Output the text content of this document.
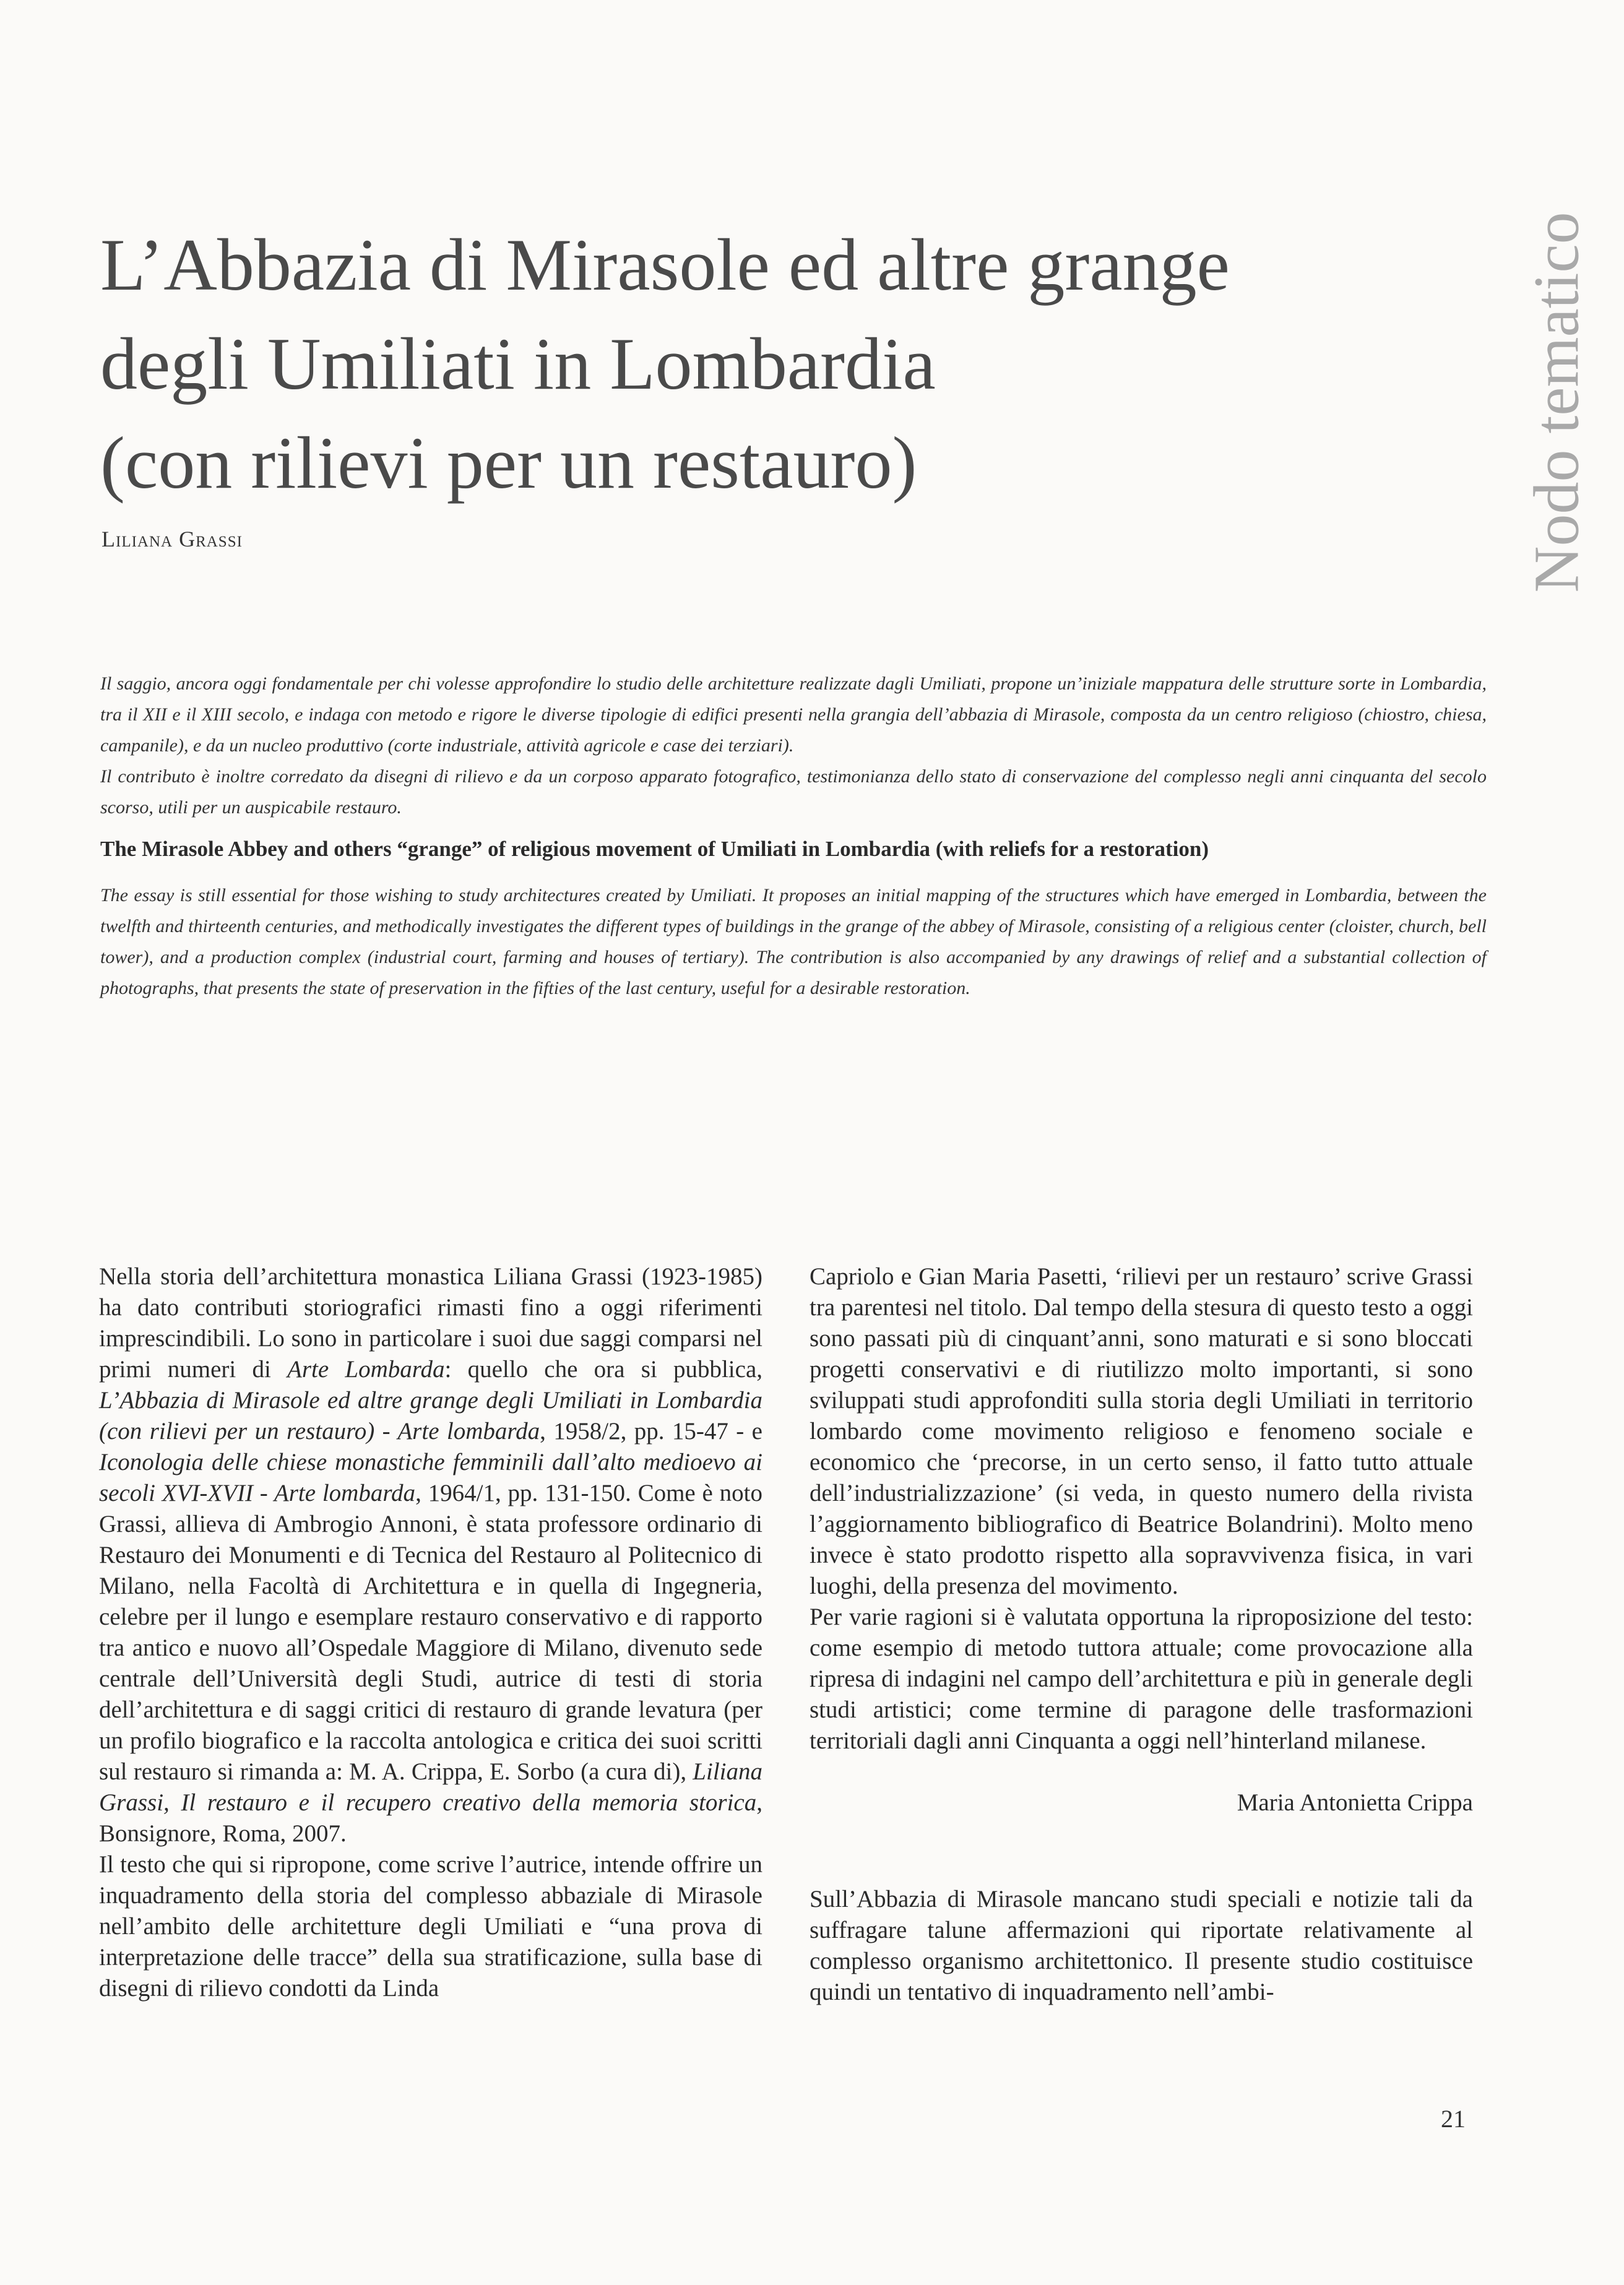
L’Abbazia di Mirasole ed altre grange
degli Umiliati in Lombardia
(con rilievi per un restauro)
Liliana Grassi	Nodo tematico

Il saggio, ancora oggi fondamentale per chi volesse approfondire lo studio delle architetture realizzate dagli Umiliati, propone un’iniziale mappatura delle strutture sorte in Lombardia, tra il XII e il XIII secolo, e indaga con metodo e rigore le diverse tipologie di edifici presenti nella grangia dell’abbazia di Mirasole, composta da un centro religioso (chiostro, chiesa, campanile), e da un nucleo produttivo (corte industriale, attività agricole e case dei terziari).

Il contributo è inoltre corredato da disegni di rilievo e da un corposo apparato fotografico, testimonianza dello stato di conservazione del complesso negli anni cinquanta del secolo scorso, utili per un auspicabile restauro.

The Mirasole Abbey and others “grange” of religious movement of Umiliati in Lombardia (with reliefs for a restoration)

The essay is still essential for those wishing to study architectures created by Umiliati. It proposes an initial mapping of the structures which have emerged in Lombardia, between the twelfth and thirteenth centuries, and methodically investigates the different types of buildings in the grange of the abbey of Mirasole, consisting of a religious center (cloister, church, bell tower), and a production complex (industrial court, farming and houses of tertiary). The contribution is also accompanied by any drawings of relief and a substantial collection of photographs, that presents the state of preservation in the fifties of the last century, useful for a desirable restoration.

Nella storia dell’architettura monastica Liliana Grassi (1923-1985) ha dato contributi storiografici rimasti fino a oggi riferimenti imprescindibili. Lo sono in particolare i suoi due saggi comparsi nel primi numeri di Arte Lombarda: quello che ora si pubblica, L’Abbazia di Mirasole ed altre grange degli Umiliati in Lombardia (con rilievi per un restauro) - Arte lombarda, 1958/2, pp. 15-47 - e Iconologia delle chiese monastiche femminili dall’alto medioevo ai secoli XVI-XVII - Arte lombarda, 1964/1, pp. 131-150. Come è noto Grassi, allieva di Ambrogio Annoni, è stata professore ordinario di Restauro dei Monumenti e di Tecnica del Restauro al Politecnico di Milano, nella Facoltà di Architettura e in quella di Ingegneria, celebre per il lungo e esemplare restauro conservativo e di rapporto tra antico e nuovo all’Ospedale Maggiore di Milano, divenuto sede centrale dell’Università degli Studi, autrice di testi di storia dell’architettura e di saggi critici di restauro di grande levatura (per un profilo biografico e la raccolta antologica e critica dei suoi scritti sul restauro si rimanda a: M. A. Crippa, E. Sorbo (a cura di), Liliana Grassi, Il restauro e il recupero creativo della memoria storica, Bonsignore, Roma, 2007.

Il testo che qui si ripropone, come scrive l’autrice, intende offrire un inquadramento della storia del complesso abbaziale di Mirasole nell’ambito delle architetture degli Umiliati e “una prova di interpretazione delle tracce” della sua stratificazione, sulla base di disegni di rilievo condotti da Linda

Capriolo e Gian Maria Pasetti, ‘rilievi per un restauro’ scrive Grassi tra parentesi nel titolo. Dal tempo della stesura di questo testo a oggi sono passati più di cinquant’anni, sono maturati e si sono bloccati progetti conservativi e di riutilizzo molto importanti, si sono sviluppati studi approfonditi sulla storia degli Umiliati in territorio lombardo come movimento religioso e fenomeno sociale e economico che ‘precorse, in un certo senso, il fatto tutto attuale dell’industrializzazione’ (si veda, in questo numero della rivista l’aggiornamento bibliografico di Beatrice Bolandrini). Molto meno invece è stato prodotto rispetto alla sopravvivenza fisica, in vari luoghi, della presenza del movimento.

Per varie ragioni si è valutata opportuna la riproposizione del testo: come esempio di metodo tuttora attuale; come provocazione alla ripresa di indagini nel campo dell’architettura e più in generale degli studi artistici; come termine di paragone delle trasformazioni territoriali dagli anni Cinquanta a oggi nell’hinterland milanese.

Maria Antonietta Crippa

Sull’Abbazia di Mirasole mancano studi speciali e notizie tali da suffragare talune affermazioni qui riportate relativamente al complesso organismo architettonico. Il presente studio costituisce quindi un tentativo di inquadramento nell’ambi-

21
